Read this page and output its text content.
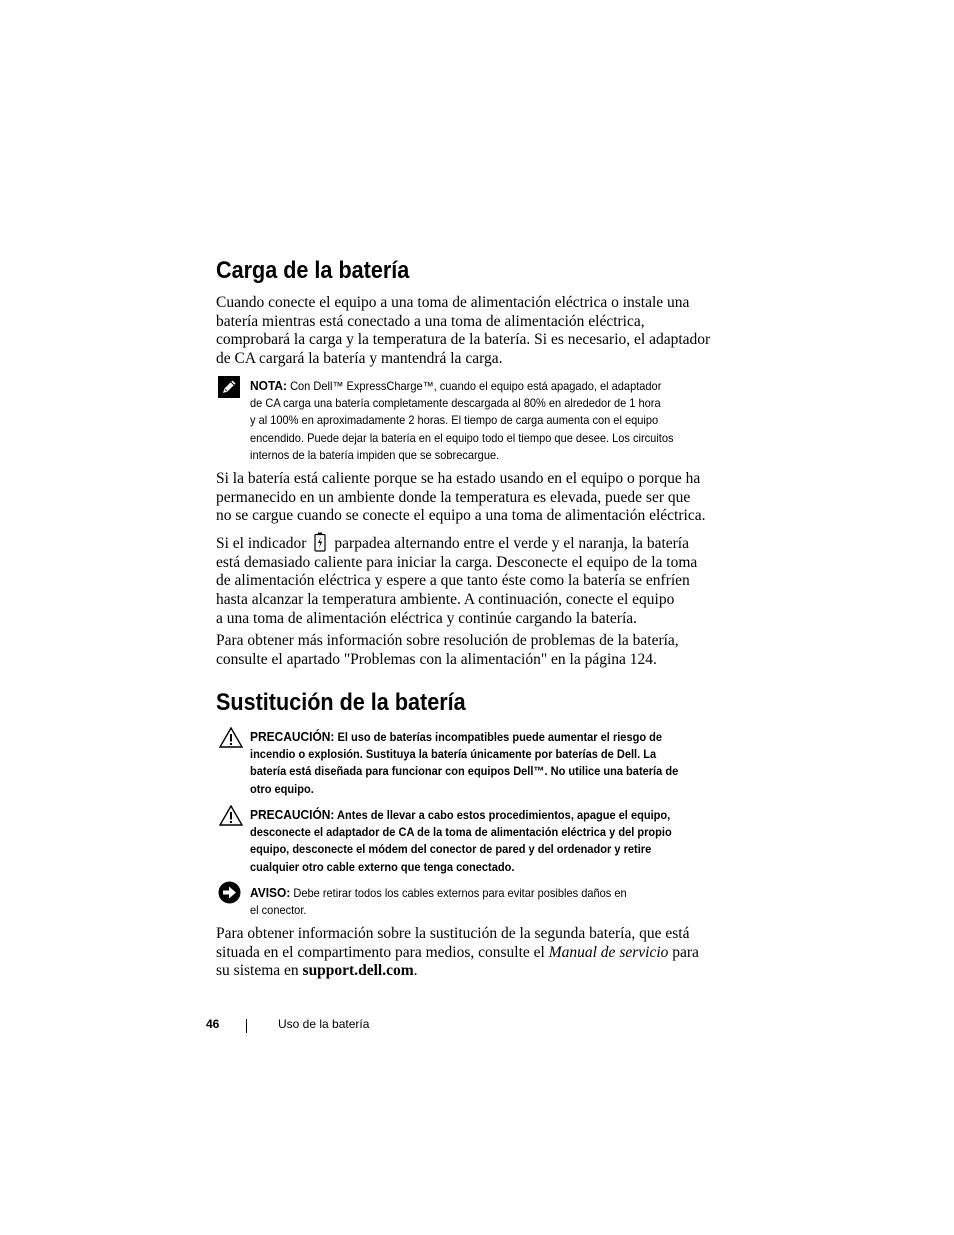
Carga de la batería

Cuando conecte el equipo a una toma de alimentación eléctrica o instale una
batería mientras está conectado a una toma de alimentación eléctrica,
comprobará la carga y la temperatura de la batería. Si es necesario, el adaptador
de CA cargará la batería y mantendrá la carga.

NOTA: Con Dell™ ExpressCharge™, cuando el equipo está apagado, el adaptador
de CA carga una batería completamente descargada al 80% en alrededor de 1 hora
y al 100% en aproximadamente 2 horas. El tiempo de carga aumenta con el equipo
encendido. Puede dejar la batería en el equipo todo el tiempo que desee. Los circuitos
internos de la batería impiden que se sobrecargue.

Si la batería está caliente porque se ha estado usando en el equipo o porque ha
permanecido en un ambiente donde la temperatura es elevada, puede ser que
no se cargue cuando se conecte el equipo a una toma de alimentación eléctrica.

Si el indicador parpadea alternando entre el verde y el naranja, la batería
está demasiado caliente para iniciar la carga. Desconecte el equipo de la toma
de alimentación eléctrica y espere a que tanto éste como la batería se enfríen
hasta alcanzar la temperatura ambiente. A continuación, conecte el equipo
a una toma de alimentación eléctrica y continúe cargando la batería.

Para obtener más información sobre resolución de problemas de la batería,
consulte el apartado "Problemas con la alimentación" en la página 124.

Sustitución de la batería
PRECAUCIÓN: El uso de baterías incompatibles puede aumentar el riesgo de
incendio o explosión. Sustituya la batería únicamente por baterías de Dell. La
batería está diseñada para funcionar con equipos Dell™. No utilice una batería de
otro equipo.
PRECAUCIÓN: Antes de llevar a cabo estos procedimientos, apague el equipo,
desconecte el adaptador de CA de la toma de alimentación eléctrica y del propio
equipo, desconecte el módem del conector de pared y del ordenador y retire
cualquier otro cable externo que tenga conectado.
AVISO: Debe retirar todos los cables externos para evitar posibles daños en
el conector.

Para obtener información sobre la sustitución de la segunda batería, que está
situada en el compartimento para medios, consulte el Manual de servicio para
su sistema en support.dell.com.

46	Uso de la batería
